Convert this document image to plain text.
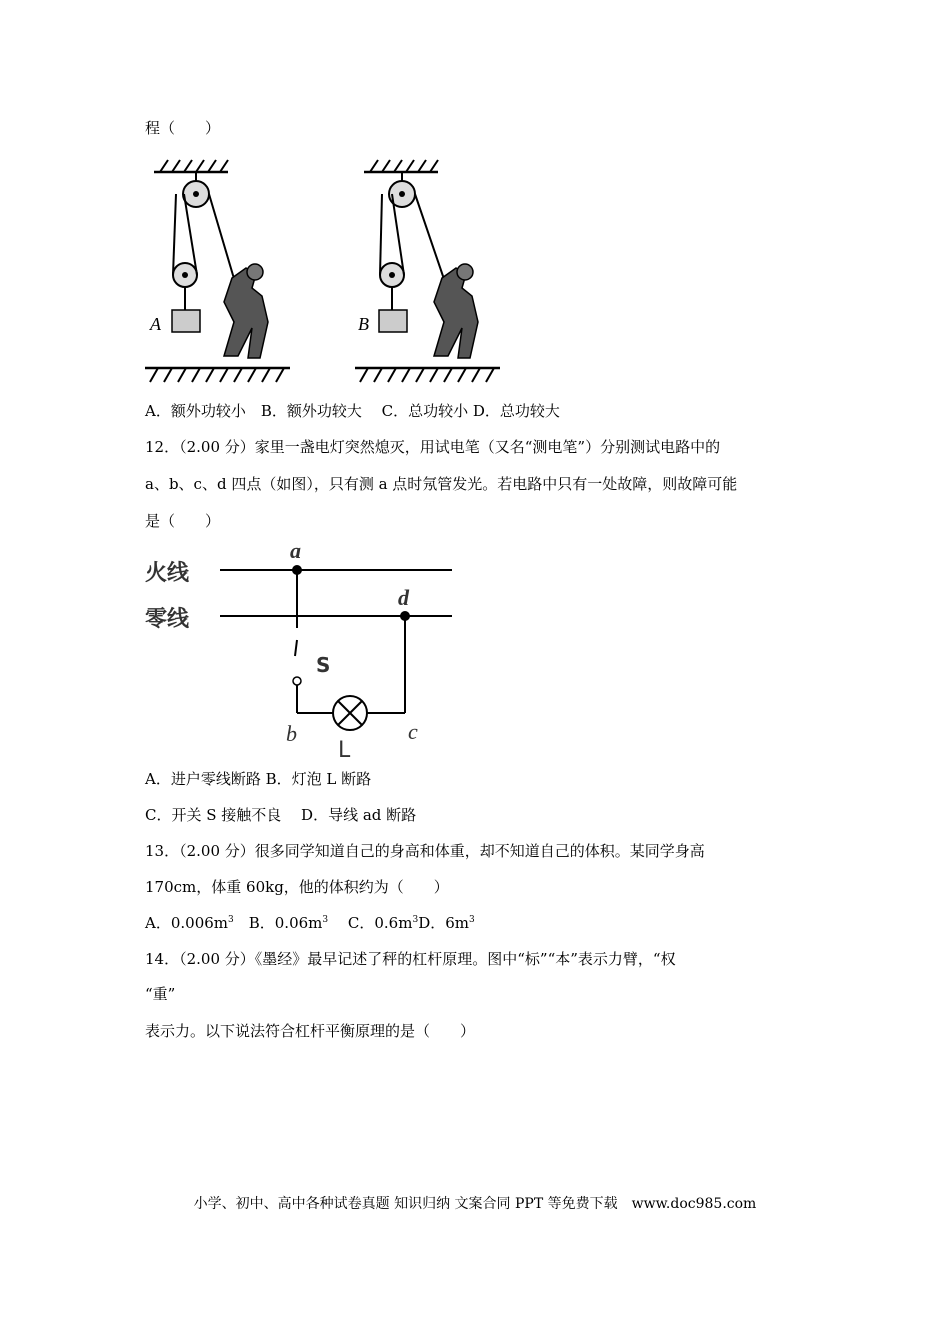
程（　　）
A	B
A．额外功较小　B．额外功较大　 C．总功较小 D．总功较大
12．（2.00 分）家里一盏电灯突然熄灭，用试电笔（又名“测电笔”）分别测试电路中的
a、b、c、d 四点（如图），只有测 a 点时氖管发光。若电路中只有一处故障，则故障可能
是（　　）
火线
零线
a
d
S
b
L
c
A．进户零线断路 B．灯泡 L 断路
C．开关 S 接触不良　 D．导线 ad 断路
13．（2.00 分）很多同学知道自己的身高和体重，却不知道自己的体积。某同学身高
170cm，体重 60kg，他的体积约为（　　）
A．$0.006m^3$　B．$0.06m^3$　 C．$0.6m^3D$．$6m^3$
14．（2.00 分）《墨经》最早记述了秤的杠杆原理。图中“标”“本”表示力臂，“权
“重”
表示力。以下说法符合杠杆平衡原理的是（　　）
小学、初中、高中各种试卷真题 知识归纳 文案合同 PPT 等免费下载　www.doc985.com
